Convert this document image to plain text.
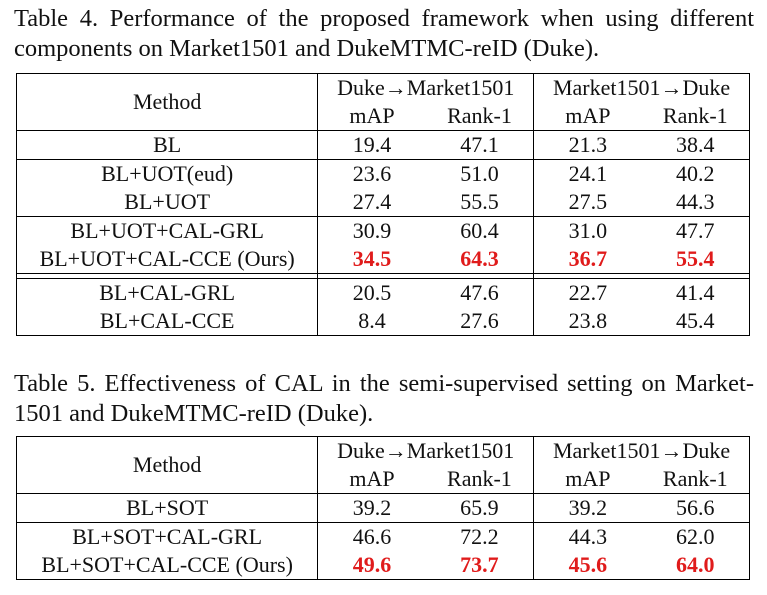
Table 4. Performance of the proposed framework when using different components on Market1501 and DukeMTMC-reID (Duke).
Method	Duke→Market1501		Market1501→Duke	
	mAP	Rank-1	mAP	Rank-1
BL	19.4	47.1	21.3	38.4
BL+UOT(eud)	23.6	51.0	24.1	40.2
BL+UOT	27.4	55.5	27.5	44.3
BL+UOT+CAL-GRL	30.9	60.4	31.0	47.7
BL+UOT+CAL-CCE (Ours)	34.5	64.3	36.7	55.4

BL+CAL-GRL	20.5	47.6	22.7	41.4
BL+CAL-CCE	8.4	27.6	23.8	45.4
Table 5. Effectiveness of CAL in the semi-supervised setting on Market-1501 and DukeMTMC-reID (Duke).
Method	Duke→Market1501		Market1501→Duke	
	mAP	Rank-1	mAP	Rank-1
BL+SOT	39.2	65.9	39.2	56.6
BL+SOT+CAL-GRL	46.6	72.2	44.3	62.0
BL+SOT+CAL-CCE (Ours)	49.6	73.7	45.6	64.0
